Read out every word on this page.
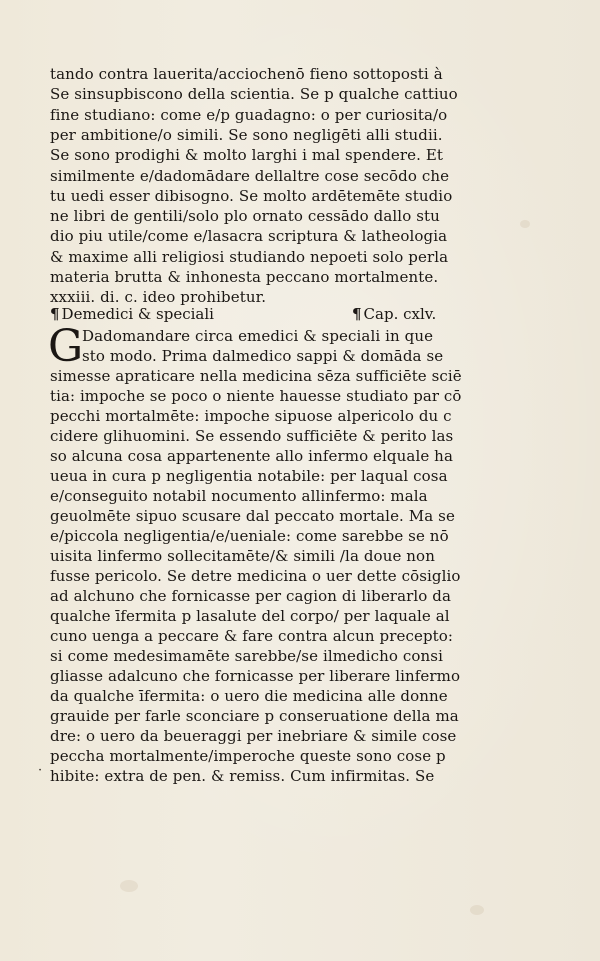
tando contra lauerita/acciochenō fieno sottoposti à
Se sinsupbiscono della scientia. Se p qualche cattiuo
fine studiano: come e/p guadagno: o per curiosita/o
per ambitione/o simili. Se sono negligēti alli studii.
Se sono prodighi & molto larghi i mal spendere. Et
similmente e/dadomādare dellaltre cose secōdo che
tu uedi esser dibisogno. Se molto ardētemēte studio
ne libri de gentili/solo plo ornato cessādo dallo stu
dio piu utile/come e/lasacra scriptura & latheologia
& maxime alli religiosi studiando nepoeti solo perla
materia brutta & inhonesta peccano mortalmente.
xxxiii. di. c. ideo prohibetur.
¶ Demedici & speciali	¶ Cap. cxlv.
G
Dadomandare circa emedici & speciali in que
sto modo. Prima dalmedico sappi & domāda se
simesse apraticare nella medicina sēza sufficiēte sciē
tia: impoche se poco o niente hauesse studiato par cō
pecchi mortalmēte: impoche sipuose alpericolo du c
cidere glihuomini. Se essendo sufficiēte & perito las
so alcuna cosa appartenente allo infermo elquale ha
ueua in cura p negligentia notabile: per laqual cosa
e/conseguito notabil nocumento allinfermo: mala
geuolmēte sipuo scusare dal peccato mortale. Ma se
e/piccola negligentia/e/ueniale: come sarebbe se nō
uisita linfermo sollecitamēte/& simili /la doue non
fusse pericolo. Se detre medicina o uer dette cōsiglio
ad alchuno che fornicasse per cagion di liberarlo da
qualche īfermita p lasalute del corpo/ per laquale al
cuno uenga a peccare & fare contra alcun precepto:
si come medesimamēte sarebbe/se ilmedicho consi
gliasse adalcuno che fornicasse per liberare linfermo
da qualche īfermita: o uero die medicina alle donne
grauide per farle sconciare p conseruatione della ma
dre: o uero da beueraggi per inebriare & simile cose
peccha mortalmente/imperoche queste sono cose p
hibite: extra de pen. & remiss. Cum infirmitas. Se
·
